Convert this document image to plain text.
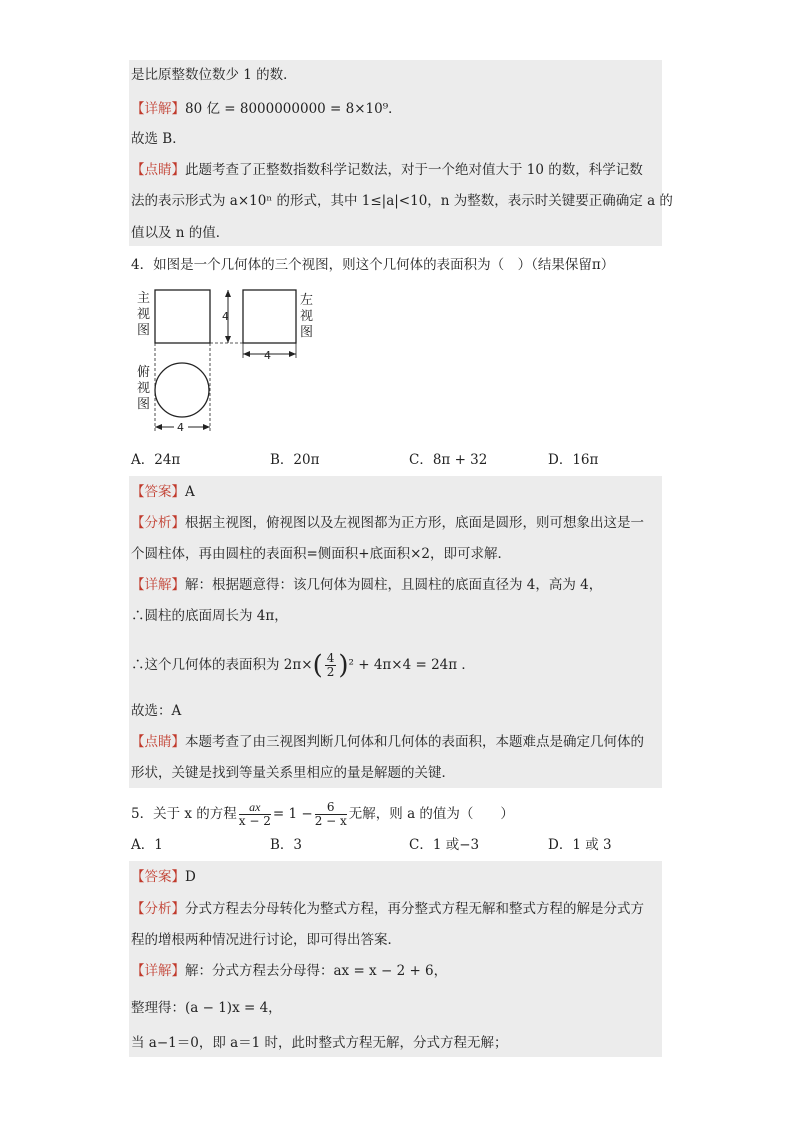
是比原整数位数少 1 的数．
【详解】80 亿 = 8000000000 = 8×10⁹．
故选 B．
【点睛】此题考查了正整数指数科学记数法，对于一个绝对值大于 10 的数，科学记数
法的表示形式为 a×10ⁿ 的形式，其中 1≤|a|<10，n 为整数，表示时关键要正确确定 a 的
值以及 n 的值．
4．如图是一个几何体的三个视图，则这个几何体的表面积为（　）（结果保留π）
4
4
4
主
视
图
左
视
图
俯
视
图
A．24π	B．20π	C．8π + 32	D．16π
【答案】A
【分析】根据主视图，俯视图以及左视图都为正方形，底面是圆形，则可想象出这是一
个圆柱体，再由圆柱的表面积=侧面积+底面积×2，即可求解．
【详解】解：根据题意得：该几何体为圆柱，且圆柱的底面直径为 4，高为 4，
∴圆柱的底面周长为 4π，
∴这个几何体的表面积为 $2\pi\times( \frac{4}{2} )^2 + 4\pi\times 4 = 24\pi$ ．
故选：A
【点睛】本题考查了由三视图判断几何体和几何体的表面积，本题难点是确定几何体的
形状，关键是找到等量关系里相应的量是解题的关键．
5．关于 x 的方程 $\frac{ax}{x - 2} = 1 - \frac{6}{2 - x}$ 无解，则 a 的值为（　　）
A．1	B．3	C．1 或−3	D．1 或 3
【答案】D
【分析】分式方程去分母转化为整式方程，再分整式方程无解和整式方程的解是分式方
程的增根两种情况进行讨论，即可得出答案．
【详解】解：分式方程去分母得：ax = x − 2 + 6，
整理得：(a − 1)x = 4，
当 a−1＝0，即 a＝1 时，此时整式方程无解，分式方程无解；
